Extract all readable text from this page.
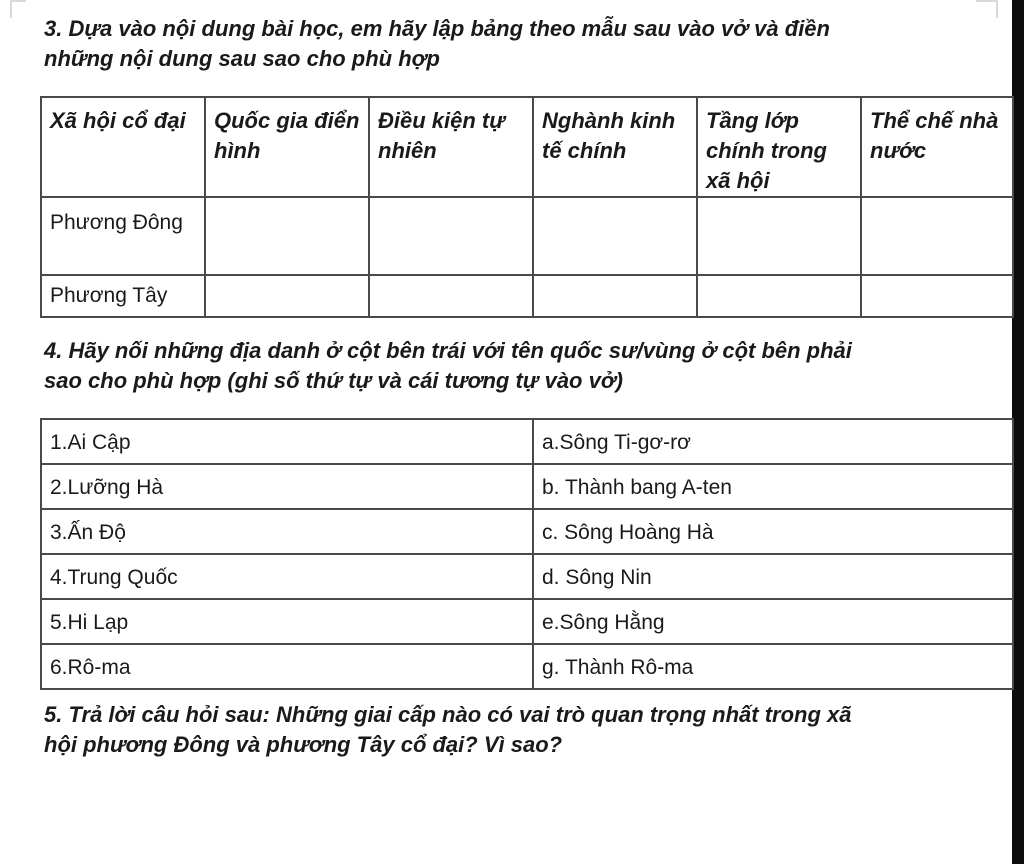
3. Dựa vào nội dung bài học, em hãy lập bảng theo mẫu sau vào vở và điền
những nội dung sau sao cho phù hợp
Xã hội cổ đại	Quốc gia điển hình	Điều kiện tự nhiên	Nghành kinh tế chính	Tầng lớp chính trong xã hội	Thể chế nhà nước
Phương Đông					
Phương Tây					
4. Hãy nối những địa danh ở cột bên trái với tên quốc sư/vùng ở cột bên phải
sao cho phù hợp (ghi số thứ tự và cái tương tự vào vở)
1.Ai Cập	a.Sông Ti-gơ-rơ
2.Lưỡng Hà	b. Thành bang A-ten
3.Ấn Độ	c. Sông Hoàng Hà
4.Trung Quốc	d. Sông Nin
5.Hi Lạp	e.Sông Hằng
6.Rô-ma	g. Thành Rô-ma
5. Trả lời câu hỏi sau: Những giai cấp nào có vai trò quan trọng nhất trong xã
hội phương Đông và phương Tây cổ đại? Vì sao?
